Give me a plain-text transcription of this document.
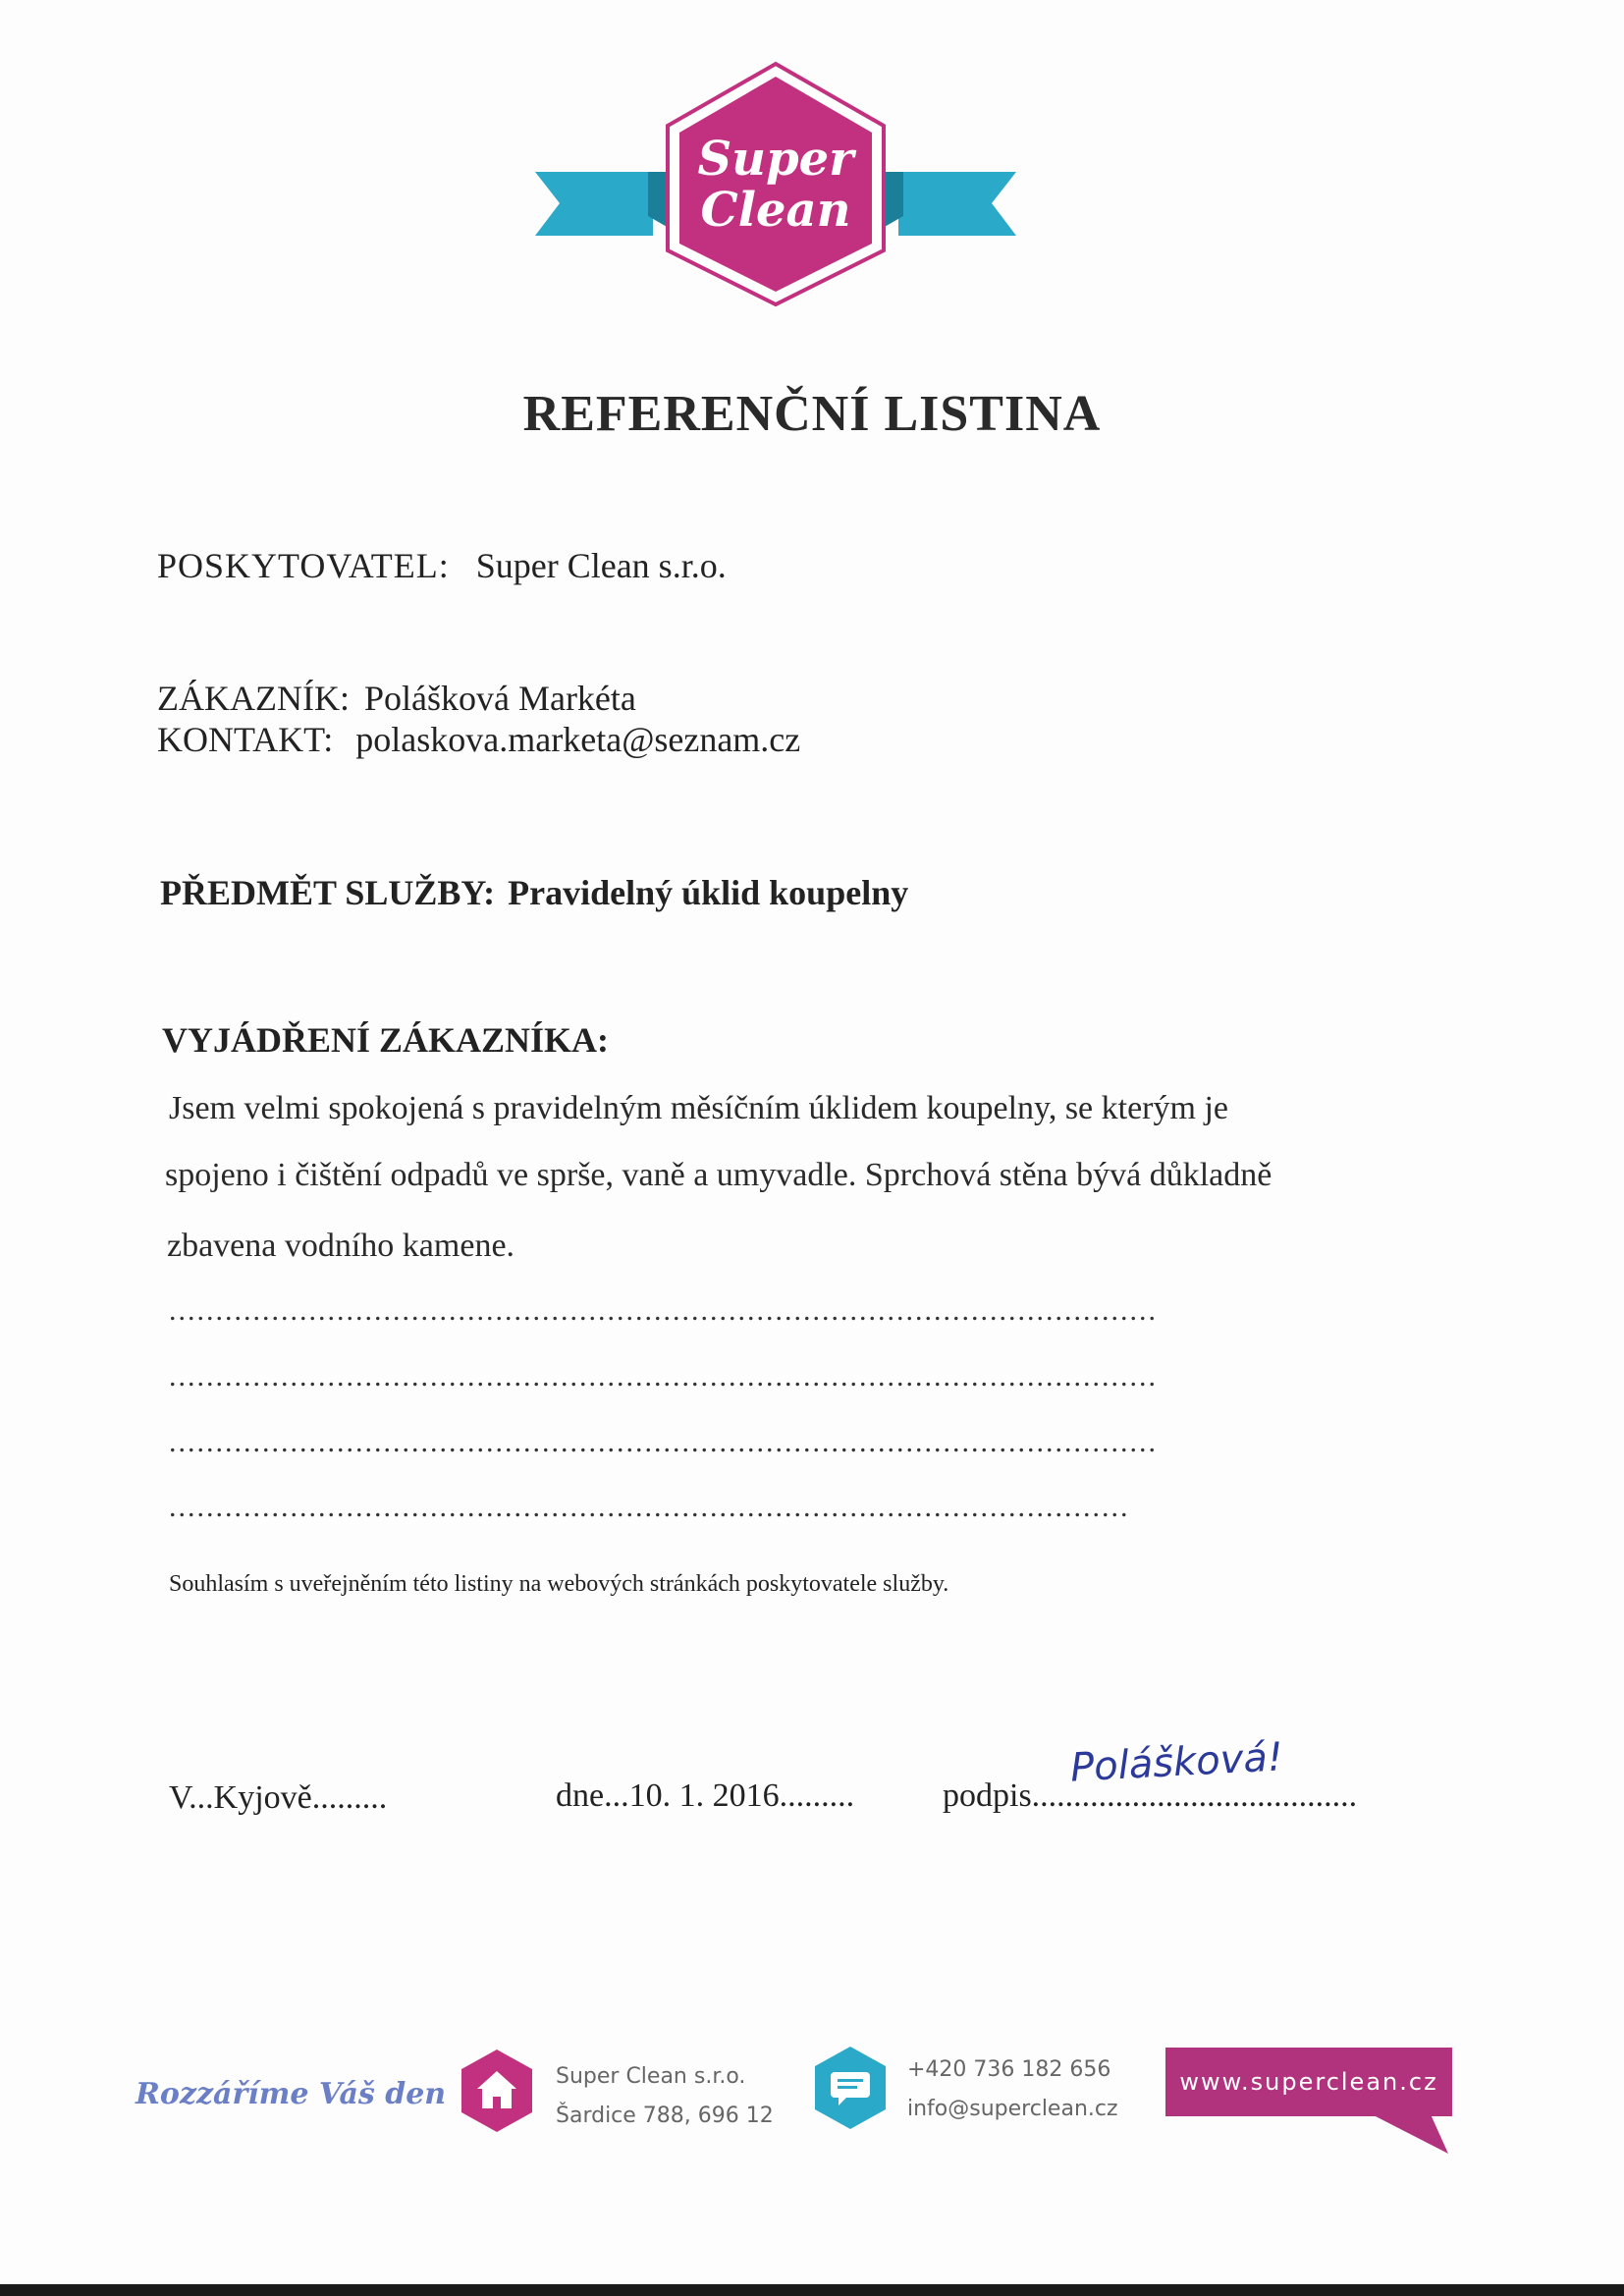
Super
Clean
REFERENČNÍ LISTINA
POSKYTOVATEL: Super Clean s.r.o.
ZÁKAZNÍK: Polášková Markéta
KONTAKT: polaskova.marketa@seznam.cz
PŘEDMĚT SLUŽBY: Pravidelný úklid koupelny
VYJÁDŘENÍ ZÁKAZNÍKA:
Jsem velmi spokojená s pravidelným měsíčním úklidem koupelny, se kterým je
spojeno i čištění odpadů ve sprše, vaně a umyvadle. Sprchová stěna bývá důkladně
zbavena vodního kamene.
..........................................................................................................
..........................................................................................................
..........................................................................................................
.......................................................................................................
Souhlasím s uveřejněním této listiny na webových stránkách poskytovatele služby.
V...Kyjově.........	dne...10. 1. 2016.........	podpis.......................................
Polášková!
Rozzáříme Váš den
Super Clean s.r.o.
Šardice 788, 696 12
+420 736 182 656
info@superclean.cz
www.superclean.cz
